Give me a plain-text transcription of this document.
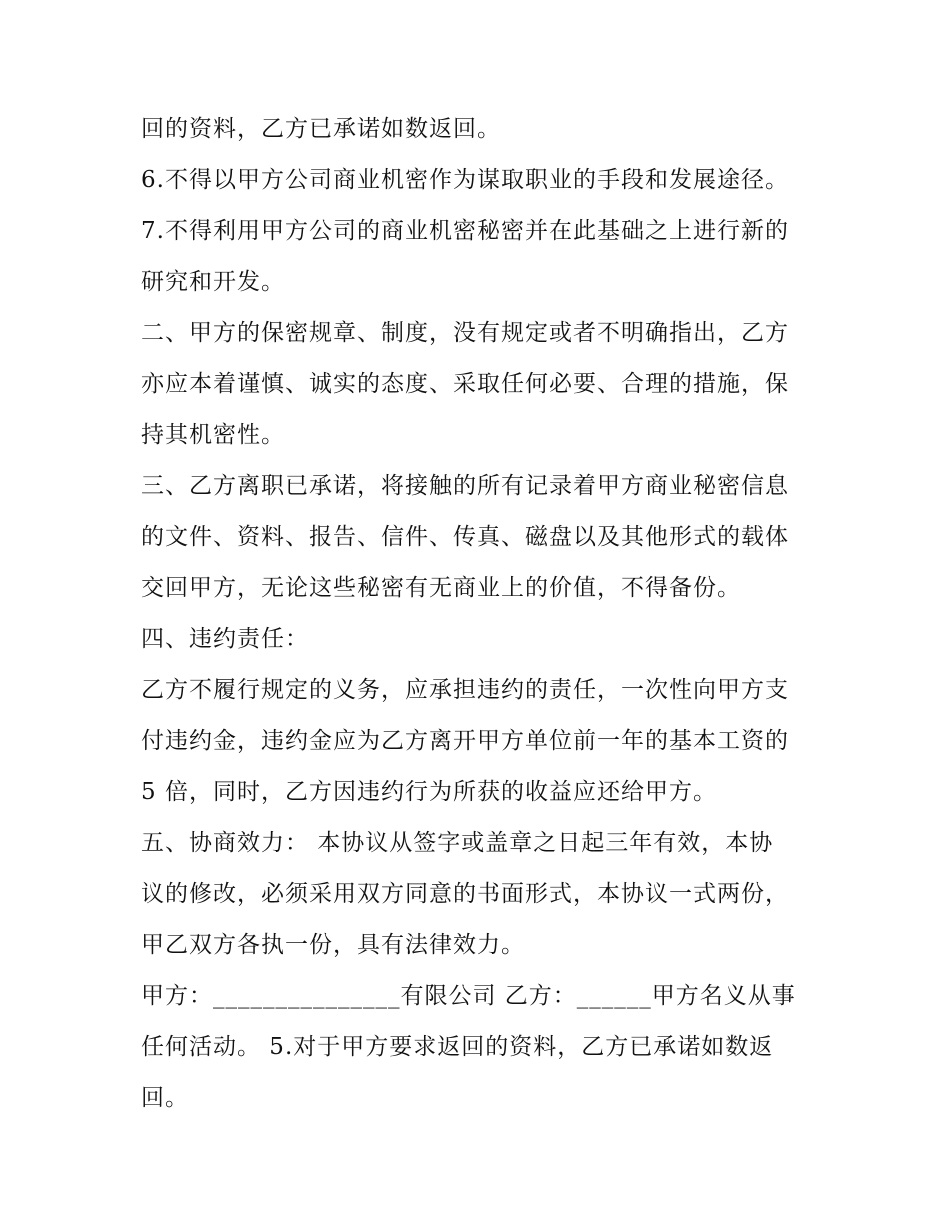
回的资料，乙方已承诺如数返回。
6.不得以甲方公司商业机密作为谋取职业的手段和发展途径。
7.不得利用甲方公司的商业机密秘密并在此基础之上进行新的
研究和开发。
二、甲方的保密规章、制度，没有规定或者不明确指出，乙方
亦应本着谨慎、诚实的态度、采取任何必要、合理的措施，保
持其机密性。
三、乙方离职已承诺，将接触的所有记录着甲方商业秘密信息
的文件、资料、报告、信件、传真、磁盘以及其他形式的载体
交回甲方，无论这些秘密有无商业上的价值，不得备份。
四、违约责任：
乙方不履行规定的义务，应承担违约的责任，一次性向甲方支
付违约金，违约金应为乙方离开甲方单位前一年的基本工资的
5 倍，同时，乙方因违约行为所获的收益应还给甲方。
五、协商效力： 本协议从签字或盖章之日起三年有效，本协
议的修改，必须采用双方同意的书面形式，本协议一式两份，
甲乙双方各执一份，具有法律效力。
甲方：_______________有限公司 乙方：______甲方名义从事
任何活动。 5.对于甲方要求返回的资料，乙方已承诺如数返
回。
